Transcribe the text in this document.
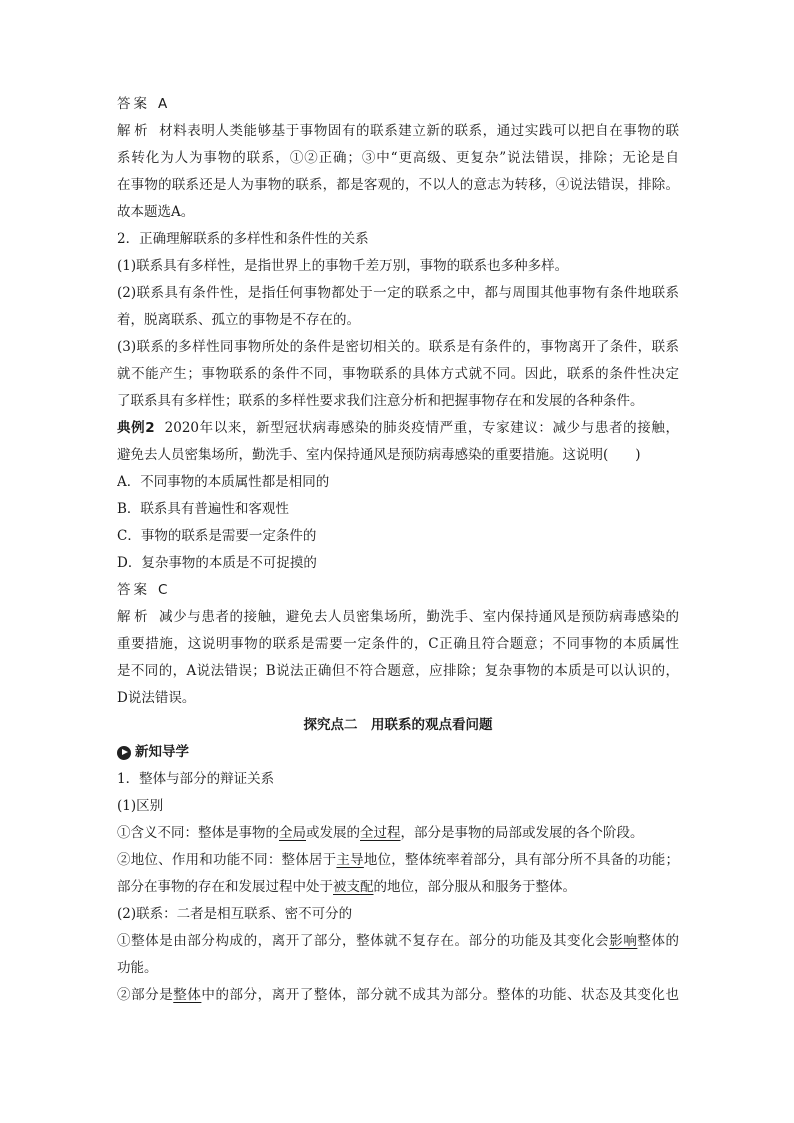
答案 A
解析 材料表明人类能够基于事物固有的联系建立新的联系，通过实践可以把自在事物的联
系转化为人为事物的联系，①②正确；③中“更高级、更复杂”说法错误，排除；无论是自
在事物的联系还是人为事物的联系，都是客观的，不以人的意志为转移，④说法错误，排除。
故本题选A。
2．正确理解联系的多样性和条件性的关系
(1)联系具有多样性，是指世界上的事物千差万别，事物的联系也多种多样。
(2)联系具有条件性，是指任何事物都处于一定的联系之中，都与周围其他事物有条件地联系
着，脱离联系、孤立的事物是不存在的。
(3)联系的多样性同事物所处的条件是密切相关的。联系是有条件的，事物离开了条件，联系
就不能产生；事物联系的条件不同，事物联系的具体方式就不同。因此，联系的条件性决定
了联系具有多样性；联系的多样性要求我们注意分析和把握事物存在和发展的各种条件。
典例2 2020年以来，新型冠状病毒感染的肺炎疫情严重，专家建议：减少与患者的接触，
避免去人员密集场所，勤洗手、室内保持通风是预防病毒感染的重要措施。这说明(　　)
A．不同事物的本质属性都是相同的
B．联系具有普遍性和客观性
C．事物的联系是需要一定条件的
D．复杂事物的本质是不可捉摸的
答案 C
解析 减少与患者的接触，避免去人员密集场所，勤洗手、室内保持通风是预防病毒感染的
重要措施，这说明事物的联系是需要一定条件的，C正确且符合题意；不同事物的本质属性
是不同的，A说法错误；B说法正确但不符合题意，应排除；复杂事物的本质是可以认识的，
D说法错误。
探究点二　用联系的观点看问题
新知导学
1．整体与部分的辩证关系
(1)区别
①含义不同：整体是事物的全局或发展的全过程，部分是事物的局部或发展的各个阶段。
②地位、作用和功能不同：整体居于主导地位，整体统率着部分，具有部分所不具备的功能；
部分在事物的存在和发展过程中处于被支配的地位，部分服从和服务于整体。
(2)联系：二者是相互联系、密不可分的
①整体是由部分构成的，离开了部分，整体就不复存在。部分的功能及其变化会影响整体的
功能。
②部分是整体中的部分，离开了整体，部分就不成其为部分。整体的功能、状态及其变化也
